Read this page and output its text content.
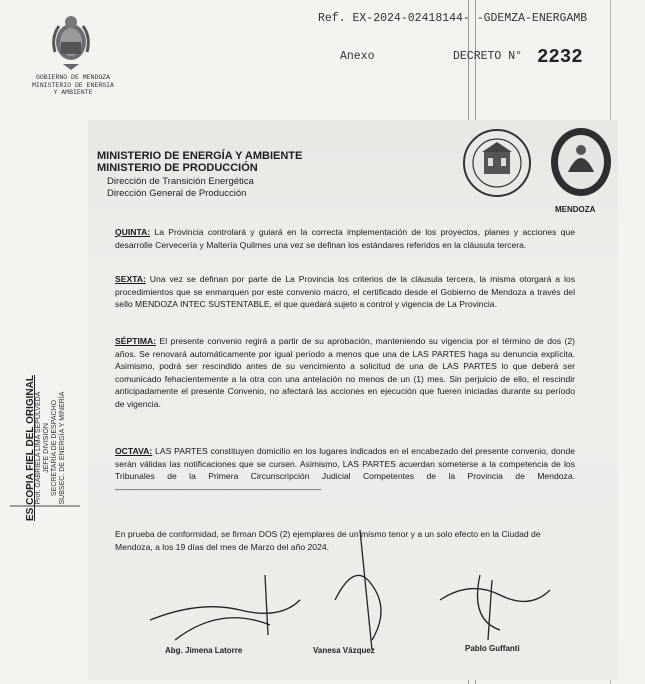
GOBIERNO DE MENDOZA
MINISTERIO DE ENERGIA
Y AMBIENTE
Ref. EX-2024-02418144- -GDEMZA-ENERGAMB
Anexo	DECRETO N° 2232
MINISTERIO DE ENERGÍA Y AMBIENTE
MINISTERIO DE PRODUCCIÓN
Dirección de Transición Energética
Dirección General de Producción
MENDOZA
QUINTA: La Provincia controlará y guiará en la correcta implementación de los proyectos, planes y acciones que desarrolle Cervecería y Maltería Quilmes una vez se definan los estándares referidos en la cláusula tercera.
SEXTA: Una vez se definan por parte de La Provincia los criterios de la cláusula tercera, la misma otorgará a los procedimientos que se enmarquen por este convenio macro, el certificado desde el Gobierno de Mendoza a través del sello MENDOZA INTEC SUSTENTABLE, el que quedará sujeto a control y vigencia de La Provincia.
SÉPTIMA: El presente convenio regirá a partir de su aprobación, manteniendo su vigencia por el término de dos (2) años. Se renovará automáticamente por igual período a menos que una de LAS PARTES haga su denuncia explícita. Asimismo, podrá ser rescindido antes de su vencimiento a solicitud de una de LAS PARTES lo que deberá ser comunicado fehacientemente a la otra con una antelación no menos de un (1) mes. Sin perjuicio de ello, el rescindir anticipadamente el presente Convenio, no afectará las acciones en ejecución que fueren iniciadas durante su período de vigencia.
OCTAVA: LAS PARTES constituyen domicilio en los lugares indicados en el encabezado del presente convenio, donde serán válidas las notificaciones que se cursen. Asimismo, LAS PARTES acuerdan someterse a la competencia de los Tribunales de la Primera Circunscripción Judicial Competentes de la Provincia de Mendoza.————————————————————————
En prueba de conformidad, se firman DOS (2) ejemplares de un mismo tenor y a un solo efecto en la Ciudad de Mendoza, a los 19 días del mes de Marzo del año 2024.
Abg. Jimena Latorre	Vanesa Vázquez	Pablo Guffanti
ES COPIA FIEL DEL ORIGINAL Prof. GABRIELA LIMA SEPÚLVEDA JEFE DIVISIÓN SECRETARÍA DE DESPACHO SUBSEC. DE ENERGÍA Y MINERÍA
